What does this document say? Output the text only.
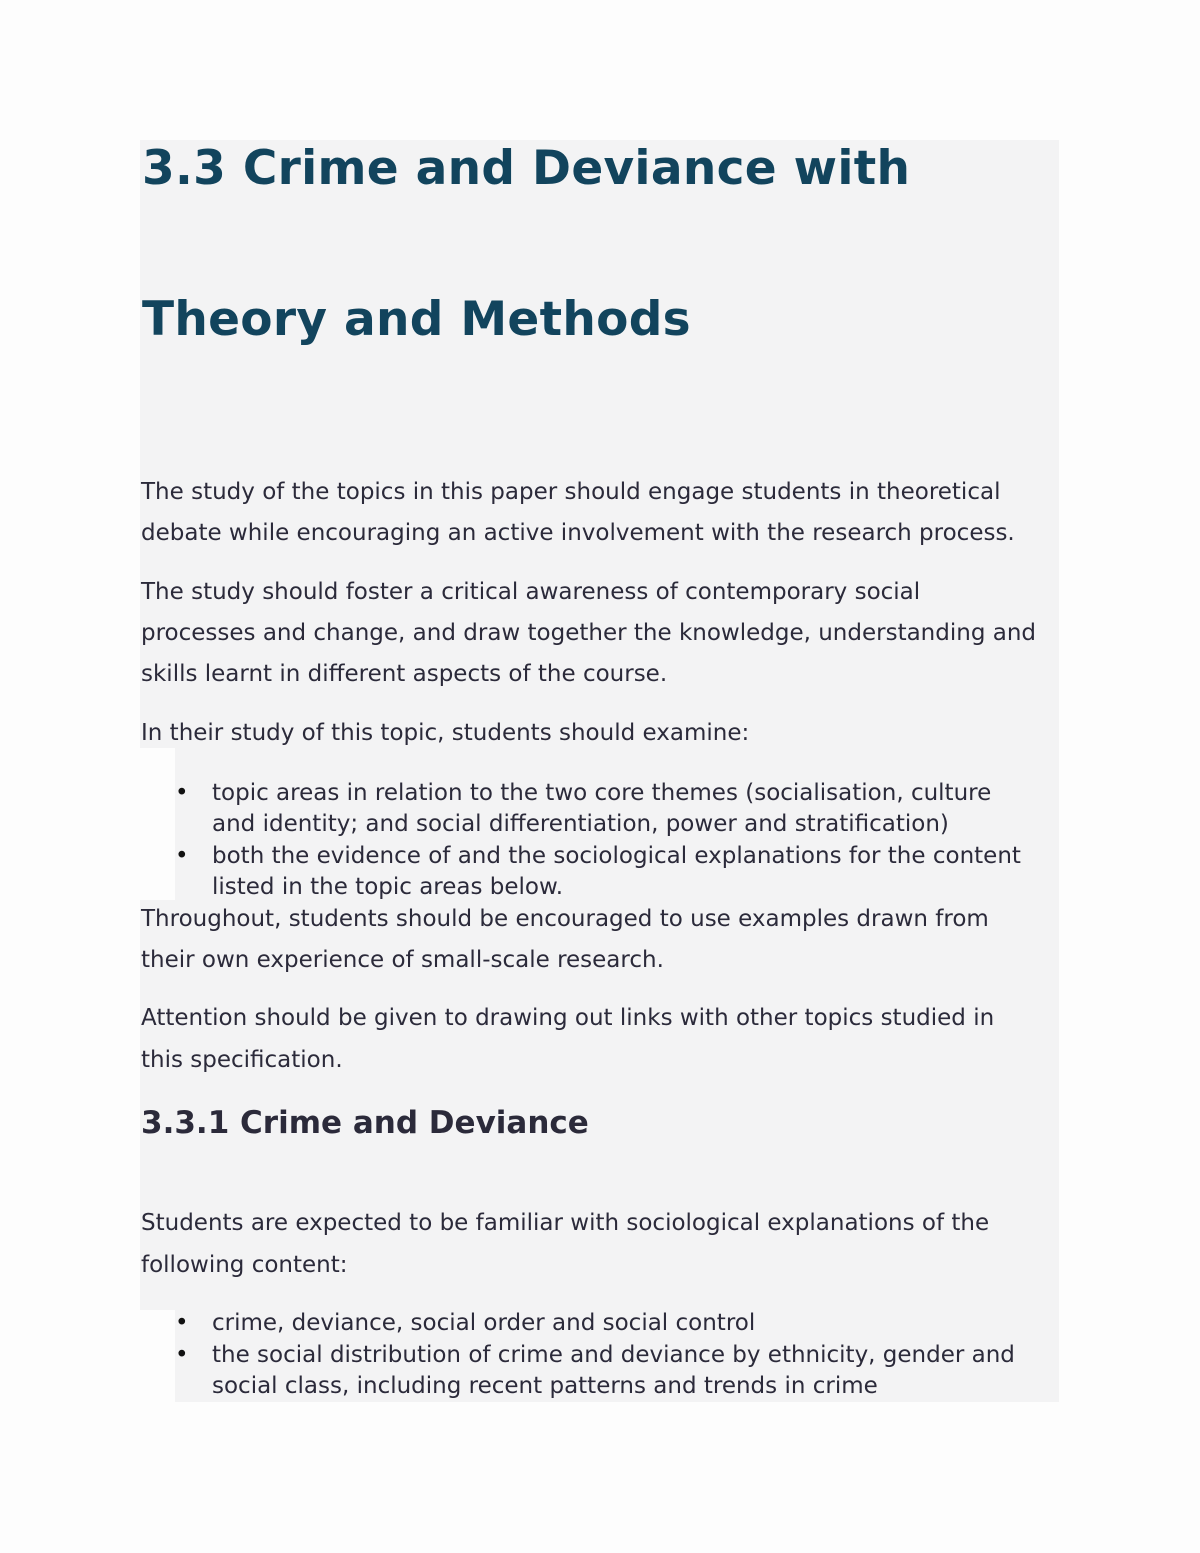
3.3 Crime and Deviance with
Theory and Methods

The study of the topics in this paper should engage students in theoretical

debate while encouraging an active involvement with the research process.

The study should foster a critical awareness of contemporary social

processes and change, and draw together the knowledge, understanding and

skills learnt in different aspects of the course.

In their study of this topic, students should examine:

• topic areas in relation to the two core themes (socialisation, culture

and identity; and social differentiation, power and stratification)

• both the evidence of and the sociological explanations for the content

listed in the topic areas below.

Throughout, students should be encouraged to use examples drawn from

their own experience of small-scale research.

Attention should be given to drawing out links with other topics studied in

this specification.

3.3.1 Crime and Deviance

Students are expected to be familiar with sociological explanations of the

following content:

• crime, deviance, social order and social control

• the social distribution of crime and deviance by ethnicity, gender and

social class, including recent patterns and trends in crime
